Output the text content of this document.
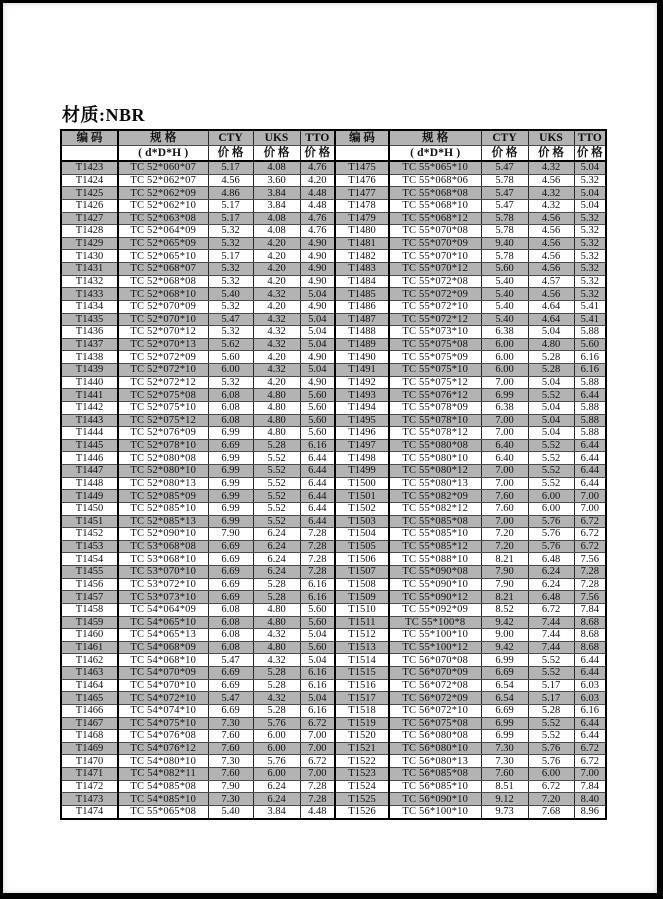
材质:NBR
编 码	规 格	CTY	UKS	TTO	编 码	规 格	CTY	UKS	TTO
	( d*D*H )	价 格	价 格	价 格		( d*D*H )	价 格	价 格	价 格
T1423	TC 52*060*07	5.17	4.08	4.76	T1475	TC 55*065*10	5.47	4.32	5.04
T1424	TC 52*062*07	4.56	3.60	4.20	T1476	TC 55*068*06	5.78	4.56	5.32
T1425	TC 52*062*09	4.86	3.84	4.48	T1477	TC 55*068*08	5.47	4.32	5.04
T1426	TC 52*062*10	5.17	3.84	4.48	T1478	TC 55*068*10	5.47	4.32	5.04
T1427	TC 52*063*08	5.17	4.08	4.76	T1479	TC 55*068*12	5.78	4.56	5.32
T1428	TC 52*064*09	5.32	4.08	4.76	T1480	TC 55*070*08	5.78	4.56	5.32
T1429	TC 52*065*09	5.32	4.20	4.90	T1481	TC 55*070*09	9.40	4.56	5.32
T1430	TC 52*065*10	5.17	4.20	4.90	T1482	TC 55*070*10	5.78	4.56	5.32
T1431	TC 52*068*07	5.32	4.20	4.90	T1483	TC 55*070*12	5.60	4.56	5.32
T1432	TC 52*068*08	5.32	4.20	4.90	T1484	TC 55*072*08	5.40	4.57	5.32
T1433	TC 52*068*10	5.40	4.32	5.04	T1485	TC 55*072*09	5.40	4.56	5.32
T1434	TC 52*070*09	5.32	4.20	4.90	T1486	TC 55*072*10	5.40	4.64	5.41
T1435	TC 52*070*10	5.47	4.32	5.04	T1487	TC 55*072*12	5.40	4.64	5.41
T1436	TC 52*070*12	5.32	4.32	5.04	T1488	TC 55*073*10	6.38	5.04	5.88
T1437	TC 52*070*13	5.62	4.32	5.04	T1489	TC 55*075*08	6.00	4.80	5.60
T1438	TC 52*072*09	5.60	4.20	4.90	T1490	TC 55*075*09	6.00	5.28	6.16
T1439	TC 52*072*10	6.00	4.32	5.04	T1491	TC 55*075*10	6.00	5.28	6.16
T1440	TC 52*072*12	5.32	4.20	4.90	T1492	TC 55*075*12	7.00	5.04	5.88
T1441	TC 52*075*08	6.08	4.80	5.60	T1493	TC 55*076*12	6.99	5.52	6.44
T1442	TC 52*075*10	6.08	4.80	5.60	T1494	TC 55*078*09	6.38	5.04	5.88
T1443	TC 52*075*12	6.08	4.80	5.60	T1495	TC 55*078*10	7.00	5.04	5.88
T1444	TC 52*076*09	6.99	4.80	5.60	T1496	TC 55*078*12	7.00	5.04	5.88
T1445	TC 52*078*10	6.69	5.28	6.16	T1497	TC 55*080*08	6.40	5.52	6.44
T1446	TC 52*080*08	6.99	5.52	6.44	T1498	TC 55*080*10	6.40	5.52	6.44
T1447	TC 52*080*10	6.99	5.52	6.44	T1499	TC 55*080*12	7.00	5.52	6.44
T1448	TC 52*080*13	6.99	5.52	6.44	T1500	TC 55*080*13	7.00	5.52	6.44
T1449	TC 52*085*09	6.99	5.52	6.44	T1501	TC 55*082*09	7.60	6.00	7.00
T1450	TC 52*085*10	6.99	5.52	6.44	T1502	TC 55*082*12	7.60	6.00	7.00
T1451	TC 52*085*13	6.99	5.52	6.44	T1503	TC 55*085*08	7.00	5.76	6.72
T1452	TC 52*090*10	7.90	6.24	7.28	T1504	TC 55*085*10	7.20	5.76	6.72
T1453	TC 53*068*08	6.69	6.24	7.28	T1505	TC 55*085*12	7.20	5.76	6.72
T1454	TC 53*068*10	6.69	6.24	7.28	T1506	TC 55*088*10	8.21	6.48	7.56
T1455	TC 53*070*10	6.69	6.24	7.28	T1507	TC 55*090*08	7.90	6.24	7.28
T1456	TC 53*072*10	6.69	5.28	6.16	T1508	TC 55*090*10	7.90	6.24	7.28
T1457	TC 53*073*10	6.69	5.28	6.16	T1509	TC 55*090*12	8.21	6.48	7.56
T1458	TC 54*064*09	6.08	4.80	5.60	T1510	TC 55*092*09	8.52	6.72	7.84
T1459	TC 54*065*10	6.08	4.80	5.60	T1511	TC 55*100*8	9.42	7.44	8.68
T1460	TC 54*065*13	6.08	4.32	5.04	T1512	TC 55*100*10	9.00	7.44	8.68
T1461	TC 54*068*09	6.08	4.80	5.60	T1513	TC 55*100*12	9.42	7.44	8.68
T1462	TC 54*068*10	5.47	4.32	5.04	T1514	TC 56*070*08	6.99	5.52	6.44
T1463	TC 54*070*09	6.69	5.28	6.16	T1515	TC 56*070*09	6.69	5.52	6.44
T1464	TC 54*070*10	6.69	5.28	6.16	T1516	TC 56*072*08	6.54	5.17	6.03
T1465	TC 54*072*10	5.47	4.32	5.04	T1517	TC 56*072*09	6.54	5.17	6.03
T1466	TC 54*074*10	6.69	5.28	6.16	T1518	TC 56*072*10	6.69	5.28	6.16
T1467	TC 54*075*10	7.30	5.76	6.72	T1519	TC 56*075*08	6.99	5.52	6.44
T1468	TC 54*076*08	7.60	6.00	7.00	T1520	TC 56*080*08	6.99	5.52	6.44
T1469	TC 54*076*12	7.60	6.00	7.00	T1521	TC 56*080*10	7.30	5.76	6.72
T1470	TC 54*080*10	7.30	5.76	6.72	T1522	TC 56*080*13	7.30	5.76	6.72
T1471	TC 54*082*11	7.60	6.00	7.00	T1523	TC 56*085*08	7.60	6.00	7.00
T1472	TC 54*085*08	7.90	6.24	7.28	T1524	TC 56*085*10	8.51	6.72	7.84
T1473	TC 54*085*10	7.30	6.24	7.28	T1525	TC 56*090*10	9.12	7.20	8.40
T1474	TC 55*065*08	5.40	3.84	4.48	T1526	TC 56*100*10	9.73	7.68	8.96
